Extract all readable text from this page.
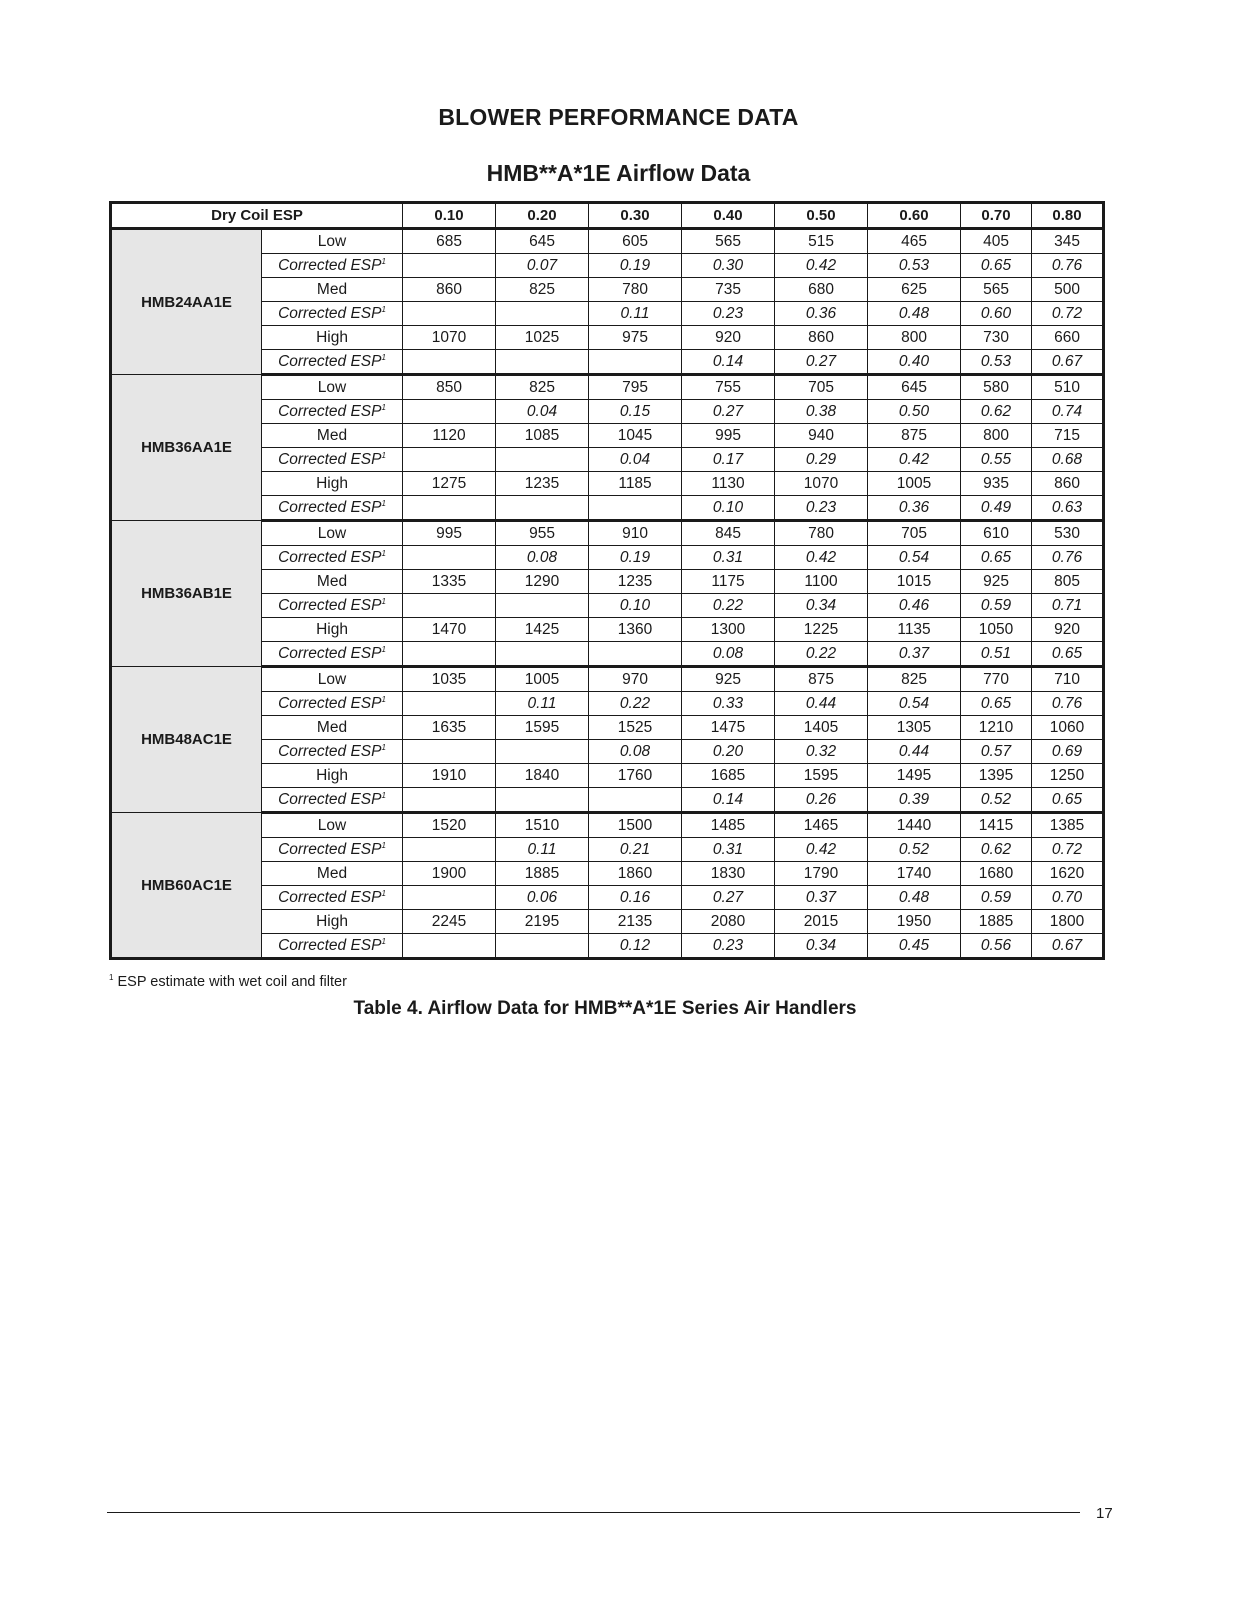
BLOWER PERFORMANCE DATA
HMB**A*1E Airflow Data
Dry Coil ESP		0.10	0.20	0.30	0.40	0.50	0.60	0.70	0.80
HMB24AA1E	Low	685	645	605	565	515	465	405	345
	Corrected ESP$^1$		0.07	0.19	0.30	0.42	0.53	0.65	0.76
	Med	860	825	780	735	680	625	565	500
	Corrected ESP$^1$			0.11	0.23	0.36	0.48	0.60	0.72
	High	1070	1025	975	920	860	800	730	660
	Corrected ESP$^1$				0.14	0.27	0.40	0.53	0.67
HMB36AA1E	Low	850	825	795	755	705	645	580	510
	Corrected ESP$^1$		0.04	0.15	0.27	0.38	0.50	0.62	0.74
	Med	1120	1085	1045	995	940	875	800	715
	Corrected ESP$^1$			0.04	0.17	0.29	0.42	0.55	0.68
	High	1275	1235	1185	1130	1070	1005	935	860
	Corrected ESP$^1$				0.10	0.23	0.36	0.49	0.63
HMB36AB1E	Low	995	955	910	845	780	705	610	530
	Corrected ESP$^1$		0.08	0.19	0.31	0.42	0.54	0.65	0.76
	Med	1335	1290	1235	1175	1100	1015	925	805
	Corrected ESP$^1$			0.10	0.22	0.34	0.46	0.59	0.71
	High	1470	1425	1360	1300	1225	1135	1050	920
	Corrected ESP$^1$				0.08	0.22	0.37	0.51	0.65
HMB48AC1E	Low	1035	1005	970	925	875	825	770	710
	Corrected ESP$^1$		0.11	0.22	0.33	0.44	0.54	0.65	0.76
	Med	1635	1595	1525	1475	1405	1305	1210	1060
	Corrected ESP$^1$			0.08	0.20	0.32	0.44	0.57	0.69
	High	1910	1840	1760	1685	1595	1495	1395	1250
	Corrected ESP$^1$				0.14	0.26	0.39	0.52	0.65
HMB60AC1E	Low	1520	1510	1500	1485	1465	1440	1415	1385
	Corrected ESP$^1$		0.11	0.21	0.31	0.42	0.52	0.62	0.72
	Med	1900	1885	1860	1830	1790	1740	1680	1620
	Corrected ESP$^1$		0.06	0.16	0.27	0.37	0.48	0.59	0.70
	High	2245	2195	2135	2080	2015	1950	1885	1800
	Corrected ESP$^1$			0.12	0.23	0.34	0.45	0.56	0.67
$^1$ ESP estimate with wet coil and filter
Table 4. Airflow Data for HMB**A*1E Series Air Handlers
17
